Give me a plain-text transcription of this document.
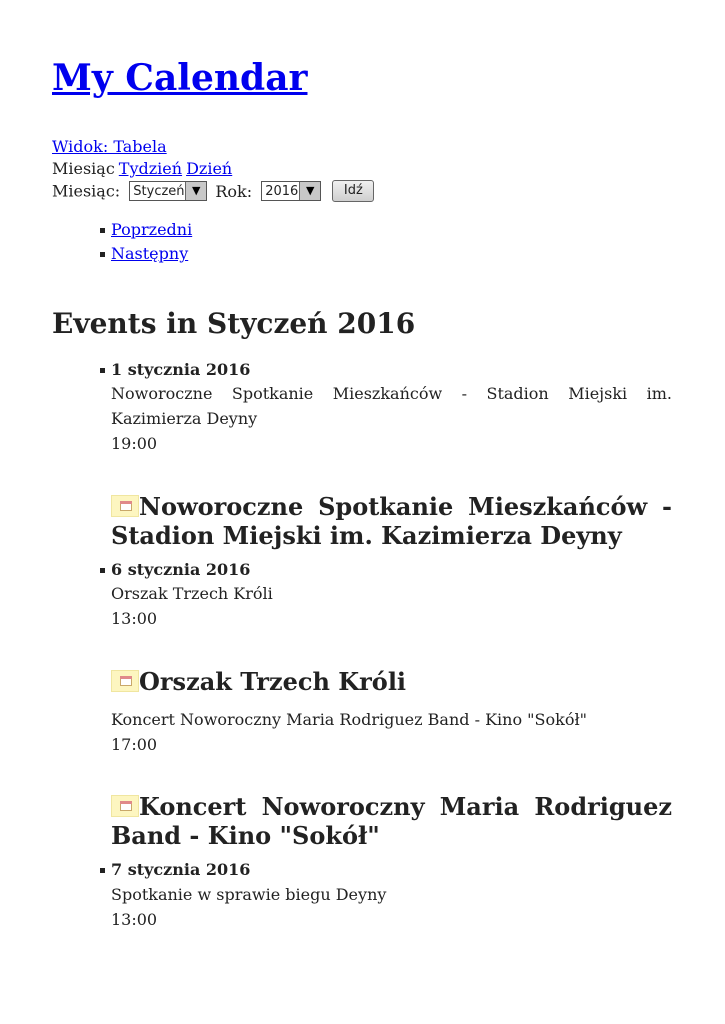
My Calendar
Widok: Tabela
Miesiąc Tydzień Dzień
Miesiąc: Styczeń ▼ Rok: 2016 ▼	Idź
Poprzedni
Następny
Events in Styczeń 2016
1 stycznia 2016
Noworoczne Spotkanie Mieszkańców - Stadion Miejski im. Kazimierza Deyny
19:00
Noworoczne Spotkanie Mieszkańców - Stadion Miejski im. Kazimierza Deyny
6 stycznia 2016
Orszak Trzech Króli
13:00
Orszak Trzech Króli
Koncert Noworoczny Maria Rodriguez Band - Kino "Sokół"
17:00
Koncert Noworoczny Maria Rodriguez Band - Kino "Sokół"
7 stycznia 2016
Spotkanie w sprawie biegu Deyny
13:00
